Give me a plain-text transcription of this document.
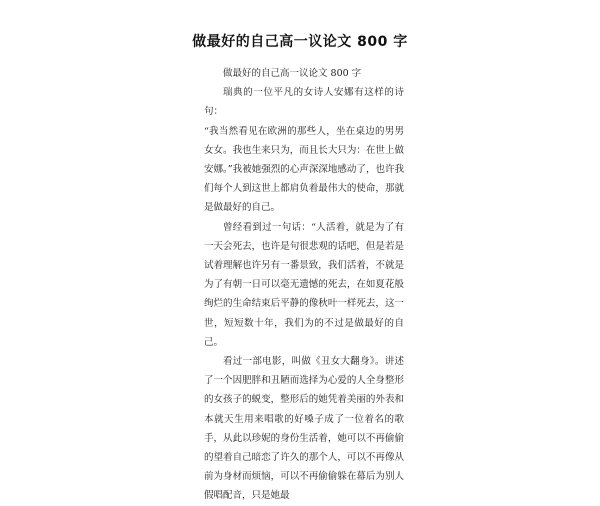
做最好的自己高一议论文 800 字

做最好的自己高一议论文 800 字

瑞典的一位平凡的女诗人安娜有这样的诗句：

“我当然看见在欧洲的那些人，坐在桌边的男男女女。我也生来只为，而且长大只为：在世上做安娜。”我被她强烈的心声深深地感动了，也许我们每个人到这世上都肩负着最伟大的使命，那就是做最好的自己。

曾经看到过一句话：“人活着，就是为了有一天会死去，也许是句很悲观的话吧，但是若是试着理解也许另有一番景致，我们活着，不就是为了有朝一日可以毫无遗憾的死去，在如夏花般绚烂的生命结束后平静的像秋叶一样死去，这一世，短短数十年，我们为的不过是做最好的自己。

看过一部电影，叫做《丑女大翻身》。讲述了一个因肥胖和丑陋而选择为心爱的人全身整形的女孩子的蜕变，整形后的她凭着美丽的外表和本就天生用来唱歌的好嗓子成了一位着名的歌手，从此以珍妮的身份生活着，她可以不再偷偷的望着自己暗恋了许久的那个人，可以不再像从前为身材而烦恼，可以不再偷偷躲在幕后为别人假唱配音，只是她最
